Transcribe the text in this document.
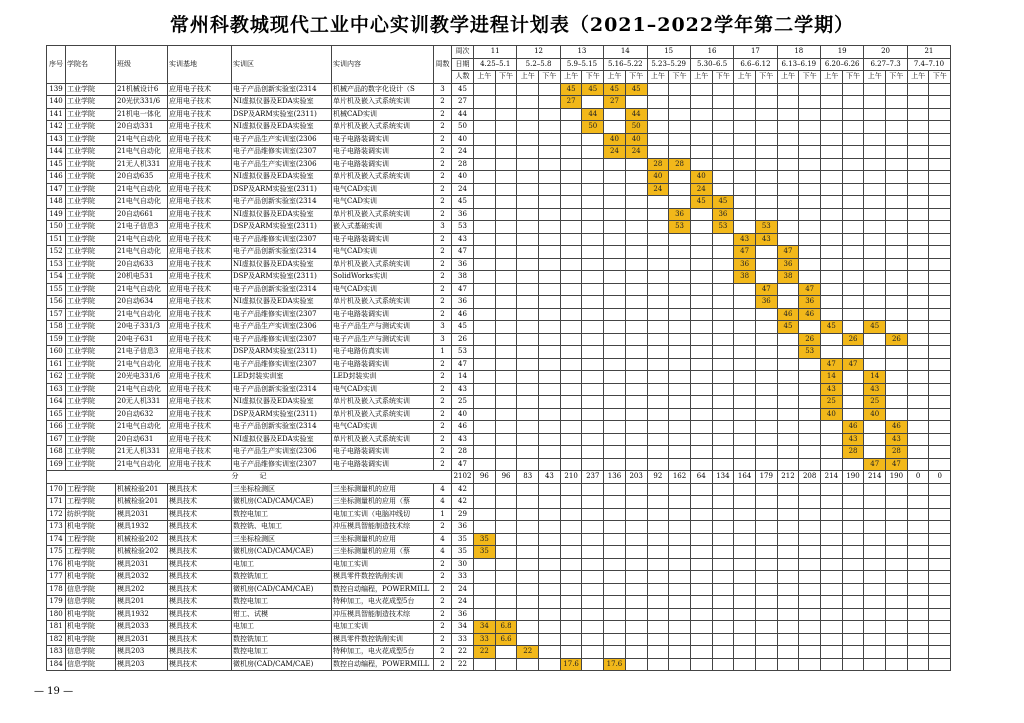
常州科教城现代工业中心实训教学进程计划表（2021–2022学年第二学期）
序号	学院名	班级	实训基地	实训区	实训内容	周数	周次	11		12		13		14		15		16		17		18		19		20		21	
							日期	4.25–5.1		5.2–5.8		5.9–5.15		5.16–5.22		5.23–5.29		5.30–6.5		6.6–6.12		6.13–6.19		6.20–6.26		6.27–7.3		7.4–7.10	
							人数	上午	下午	上午	下午	上午	下午	上午	下午	上午	下午	上午	下午	上午	下午	上午	下午	上午	下午	上午	下午	上午	下午
139	工业学院	21机械设计6	应用电子技术	电子产品创新实验室(2314	机械产品的数字化设计（S	3	45					45	45	45	45														
140	工业学院	20光伏331/6	应用电子技术	NI虚拟仪器及EDA实验室	单片机及嵌入式系统实训	2	27					27		27															
141	工业学院	21机电一体化	应用电子技术	DSP及ARM实验室(2311)	机械CAD实训	2	44						44		44														
142	工业学院	20自动331	应用电子技术	NI虚拟仪器及EDA实验室	单片机及嵌入式系统实训	2	50						50		50														
143	工业学院	21电气自动化	应用电子技术	电子产品生产实训室(2306	电子电路装调实训	2	40							40	40														
144	工业学院	21电气自动化	应用电子技术	电子产品维修实训室(2307	电子电路装调实训	2	24							24	24														
145	工业学院	21无人机331	应用电子技术	电子产品生产实训室(2306	电子电路装调实训	2	28									28	28												
146	工业学院	20自动635	应用电子技术	NI虚拟仪器及EDA实验室	单片机及嵌入式系统实训	2	40									40		40											
147	工业学院	21电气自动化	应用电子技术	DSP及ARM实验室(2311)	电气CAD实训	2	24									24		24											
148	工业学院	21电气自动化	应用电子技术	电子产品创新实验室(2314	电气CAD实训	2	45											45	45										
149	工业学院	20自动661	应用电子技术	NI虚拟仪器及EDA实验室	单片机及嵌入式系统实训	2	36										36		36										
150	工业学院	21电子信息3	应用电子技术	DSP及ARM实验室(2311)	嵌入式基础实训	3	53										53		53		53								
151	工业学院	21电气自动化	应用电子技术	电子产品维修实训室(2307	电子电路装调实训	2	43													43	43								
152	工业学院	21电气自动化	应用电子技术	电子产品创新实验室(2314	电气CAD实训	2	47													47		47							
153	工业学院	20自动633	应用电子技术	NI虚拟仪器及EDA实验室	单片机及嵌入式系统实训	2	36													36		36							
154	工业学院	20机电531	应用电子技术	DSP及ARM实验室(2311)	SolidWorks实训	2	38													38		38							
155	工业学院	21电气自动化	应用电子技术	电子产品创新实验室(2314	电气CAD实训	2	47														47		47						
156	工业学院	20自动634	应用电子技术	NI虚拟仪器及EDA实验室	单片机及嵌入式系统实训	2	36														36		36						
157	工业学院	21电气自动化	应用电子技术	电子产品维修实训室(2307	电子电路装调实训	2	46															46	46						
158	工业学院	20电子331/3	应用电子技术	电子产品生产实训室(2306	电子产品生产与测试实训	3	45															45		45		45			
159	工业学院	20电子631	应用电子技术	电子产品维修实训室(2307	电子产品生产与测试实训	3	26																26		26		26		
160	工业学院	21电子信息3	应用电子技术	DSP及ARM实验室(2311)	电子电路仿真实训	1	53																53						
161	工业学院	21电气自动化	应用电子技术	电子产品维修实训室(2307	电子电路装调实训	2	47																	47	47				
162	工业学院	20光电331/6	应用电子技术	LED封装实训室	LED封装实训	2	14																	14		14			
163	工业学院	21电气自动化	应用电子技术	电子产品创新实验室(2314	电气CAD实训	2	43																	43		43			
164	工业学院	20无人机331	应用电子技术	NI虚拟仪器及EDA实验室	单片机及嵌入式系统实训	2	25																	25		25			
165	工业学院	20自动632	应用电子技术	DSP及ARM实验室(2311)	单片机及嵌入式系统实训	2	40																	40		40			
166	工业学院	21电气自动化	应用电子技术	电子产品创新实验室(2314	电气CAD实训	2	46																		46		46		
167	工业学院	20自动631	应用电子技术	NI虚拟仪器及EDA实验室	单片机及嵌入式系统实训	2	43																		43		43		
168	工业学院	21无人机331	应用电子技术	电子产品生产实训室(2306	电子电路装调实训	2	28																		28		28		
169	工业学院	21电气自动化	应用电子技术	电子产品维修实训室(2307	电子电路装调实训	2	47																			47	47		
分　　　记							2102	96	96	83	43	210	237	136	203	92	162	64	134	164	179	212	208	214	190	214	190	0	0
170	工程学院	机械检验201	模具技术	三坐标检测区	三坐标测量机的应用	4	42																						
171	工程学院	机械检验201	模具技术	微机房(CAD/CAM/CAE)	三坐标测量机的应用（蔡	4	42																						
172	纺织学院	模具2031	模具技术	数控电加工	电加工实训（电脑冲线切	1	29																						
173	机电学院	模具1932	模具技术	数控铣、电加工	冲压模具智能制造技术综	2	36																						
174	工程学院	机械检验202	模具技术	三坐标检测区	三坐标测量机的应用	4	35	35																					
175	工程学院	机械检验202	模具技术	微机房(CAD/CAM/CAE)	三坐标测量机的应用（蔡	4	35	35																					
176	机电学院	模具2031	模具技术	电加工	电加工实训	2	30																						
177	机电学院	模具2032	模具技术	数控铣加工	模具零件数控铣削实训	2	33																						
178	信息学院	模具202	模具技术	微机房(CAD/CAM/CAE)	数控自动编程，POWERMILL	2	24																						
179	信息学院	模具201	模具技术	数控电加工	特种加工，电火花成型5台	2	24																						
180	机电学院	模具1932	模具技术	钳工、试模	冲压模具智能制造技术综	2	36																						
181	机电学院	模具2033	模具技术	电加工	电加工实训	2	34	34	6.8																				
182	机电学院	模具2031	模具技术	数控铣加工	模具零件数控铣削实训	2	33	33	6.6																				
183	信息学院	模具203	模具技术	数控电加工	特种加工，电火花成型5台	2	22	22		22																			
184	信息学院	模具203	模具技术	微机房(CAD/CAM/CAE)	数控自动编程，POWERMILL	2	22					17.6		17.6															
— 19 —
